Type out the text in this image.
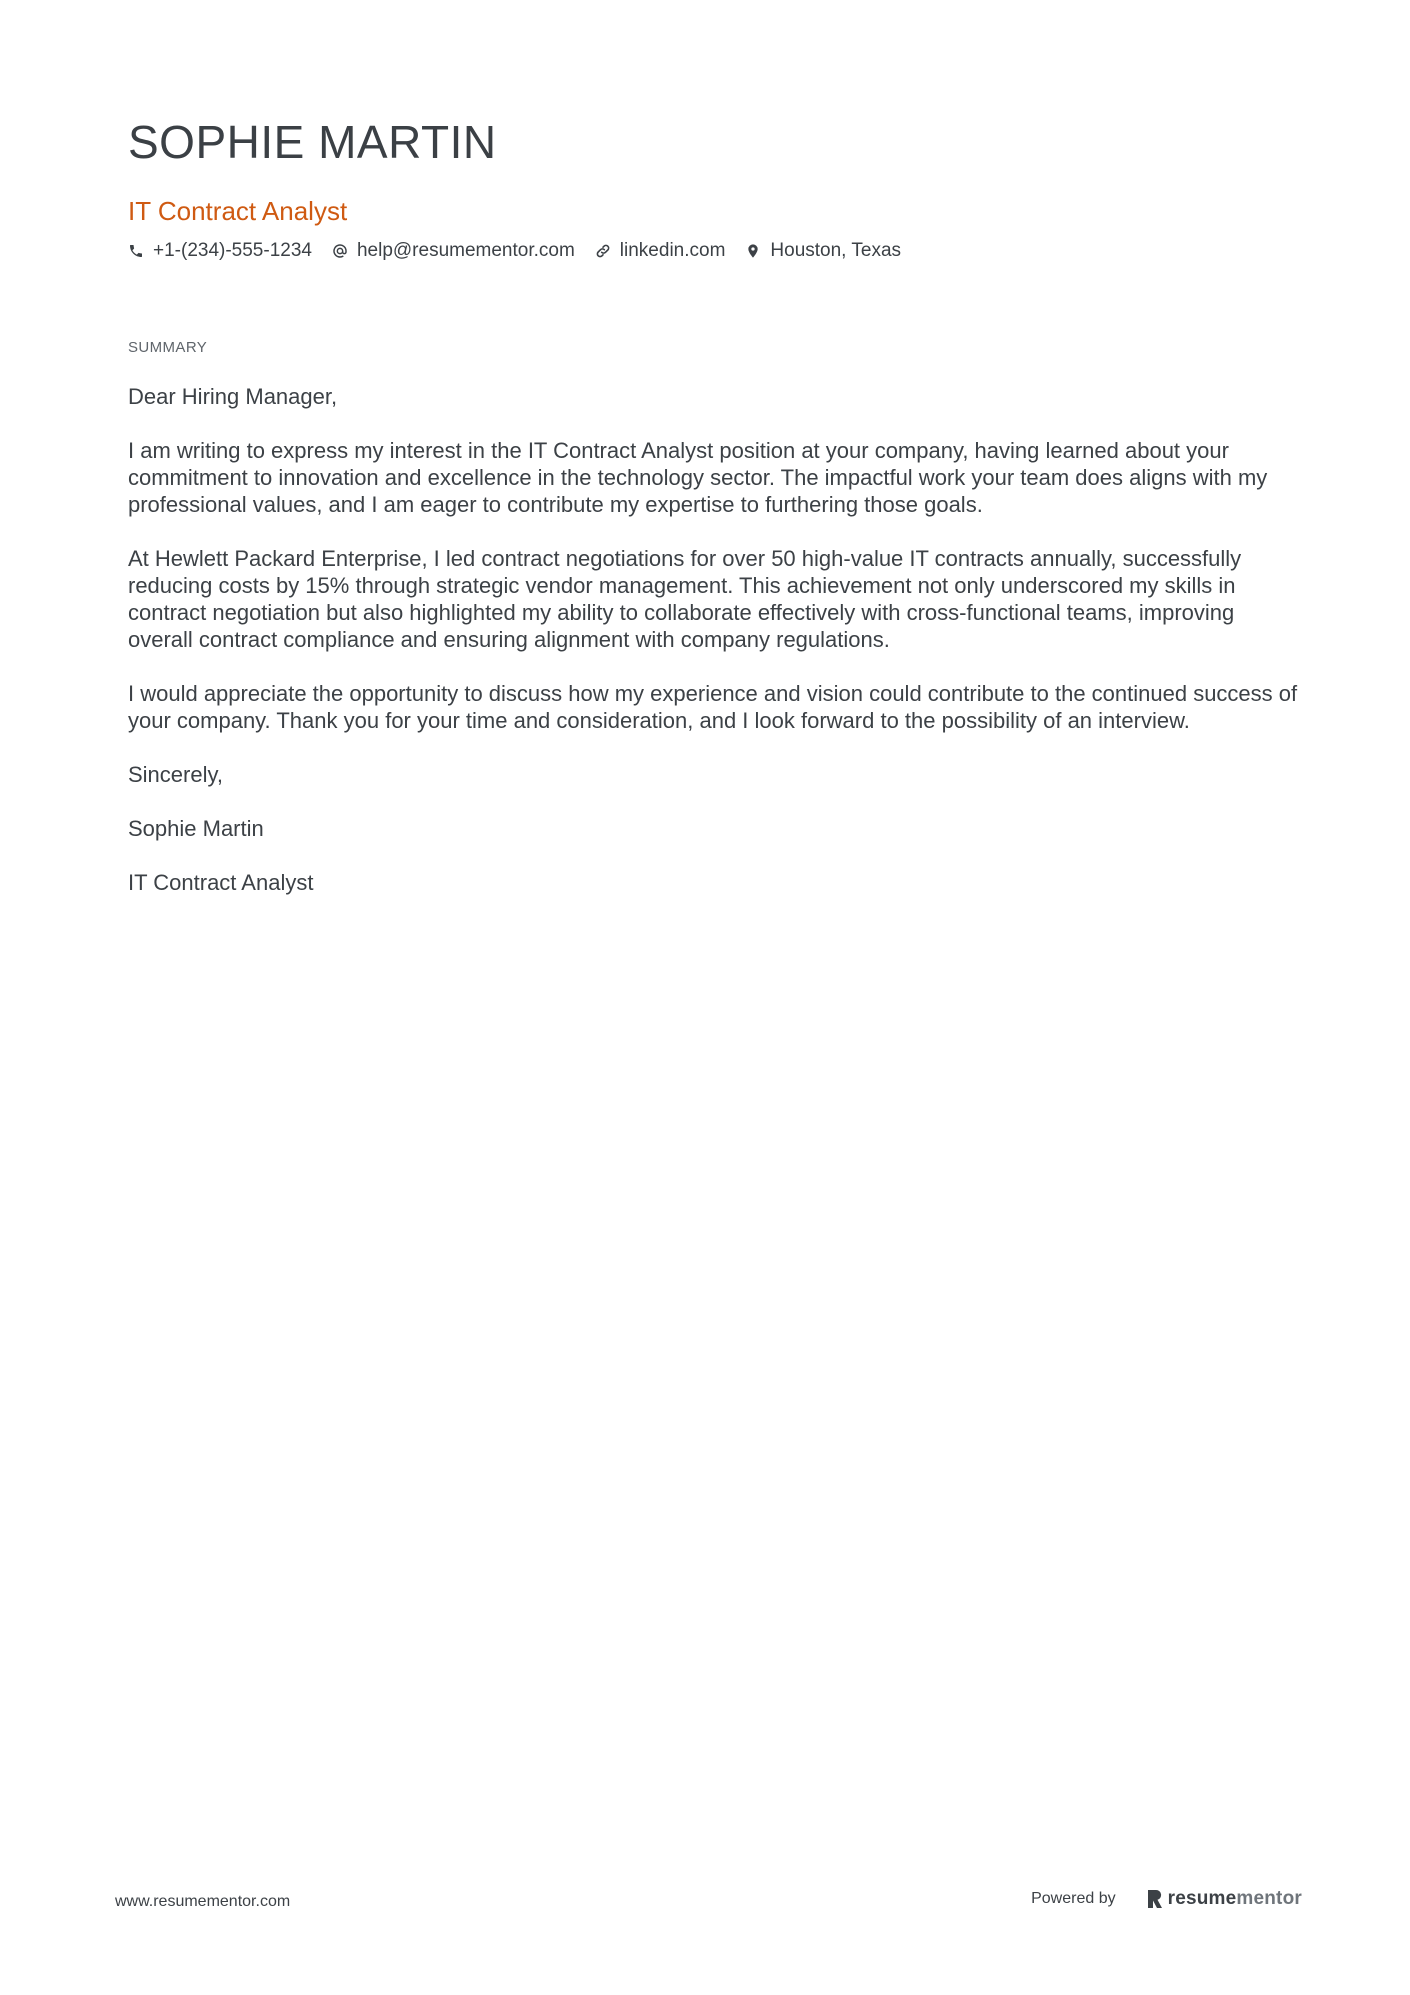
SOPHIE MARTIN
IT Contract Analyst
+1-(234)-555-1234 help@resumementor.com linkedin.com Houston, Texas
SUMMARY

Dear Hiring Manager,

I am writing to express my interest in the IT Contract Analyst position at your company, having learned about your commitment to innovation and excellence in the technology sector. The impactful work your team does aligns with my professional values, and I am eager to contribute my expertise to furthering those goals.

At Hewlett Packard Enterprise, I led contract negotiations for over 50 high-value IT contracts annually, successfully reducing costs by 15% through strategic vendor management. This achievement not only underscored my skills in contract negotiation but also highlighted my ability to collaborate effectively with cross-functional teams, improving overall contract compliance and ensuring alignment with company regulations.

I would appreciate the opportunity to discuss how my experience and vision could contribute to the continued success of your company. Thank you for your time and consideration, and I look forward to the possibility of an interview.

Sincerely,

Sophie Martin

IT Contract Analyst

www.resumementor.com	Powered by	resume mentor
